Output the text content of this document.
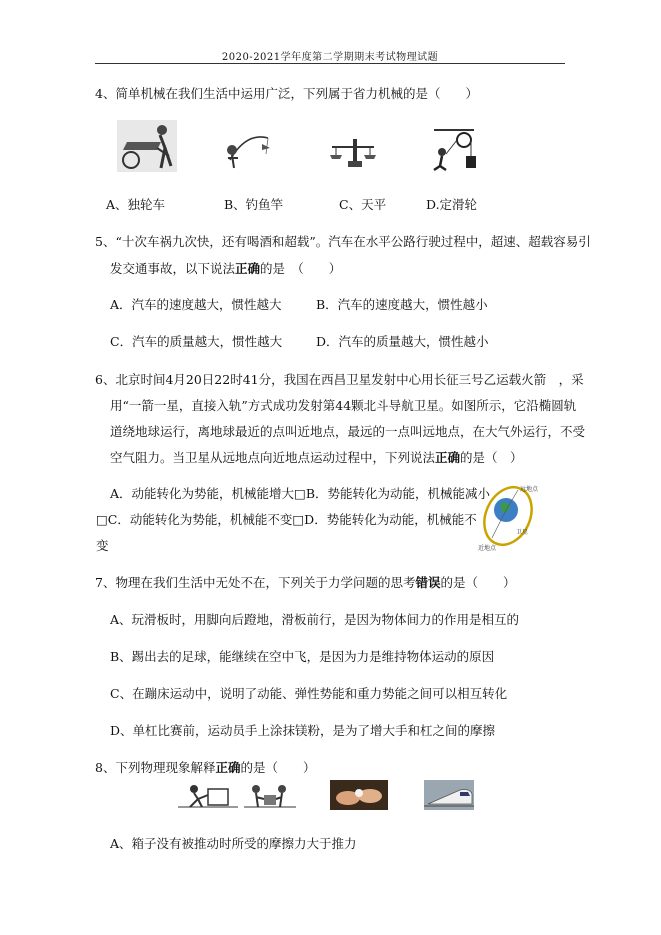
2020-2021学年度第二学期期末考试物理试题
4、简单机械在我们生活中运用广泛，下列属于省力机械的是（　　）
A、独轮车	B、钓鱼竿	C、天平	D.定滑轮
5、“十次车祸九次快，还有喝酒和超载”。汽车在水平公路行驶过程中，超速、超载容易引
发交通事故，以下说法正确的是　（　　）
A．汽车的速度越大，惯性越大	B．汽车的速度越大，惯性越小
C．汽车的质量越大，惯性越大	D．汽车的质量越大，惯性越小
6、北京时间4月20日22时41分，我国在西昌卫星发射中心用长征三号乙运载火箭　，采
用“一箭一星，直接入轨”方式成功发射第44颗北斗导航卫星。如图所示，它沿椭圆轨
道绕地球运行，离地球最近的点叫近地点，最远的一点叫远地点，在大气外运行，不受
空气阻力。当卫星从远地点向近地点运动过程中，下列说法正确的是（　）
A．动能转化为势能，机械能增大□B．势能转化为动能，机械能减小
□C．动能转化为势能，机械能不变□D．势能转化为动能，机械能不
变
远地点
卫星
近地点
7、物理在我们生活中无处不在，下列关于力学问题的思考错误的是（　　）
A、玩滑板时，用脚向后蹬地，滑板前行，是因为物体间力的作用是相互的
B、踢出去的足球，能继续在空中飞，是因为力是维持物体运动的原因
C、在蹦床运动中，说明了动能、弹性势能和重力势能之间可以相互转化
D、单杠比赛前，运动员手上涂抹镁粉，是为了增大手和杠之间的摩擦
8、下列物理现象解释正确的是（　　）
A、箱子没有被推动时所受的摩擦力大于推力
